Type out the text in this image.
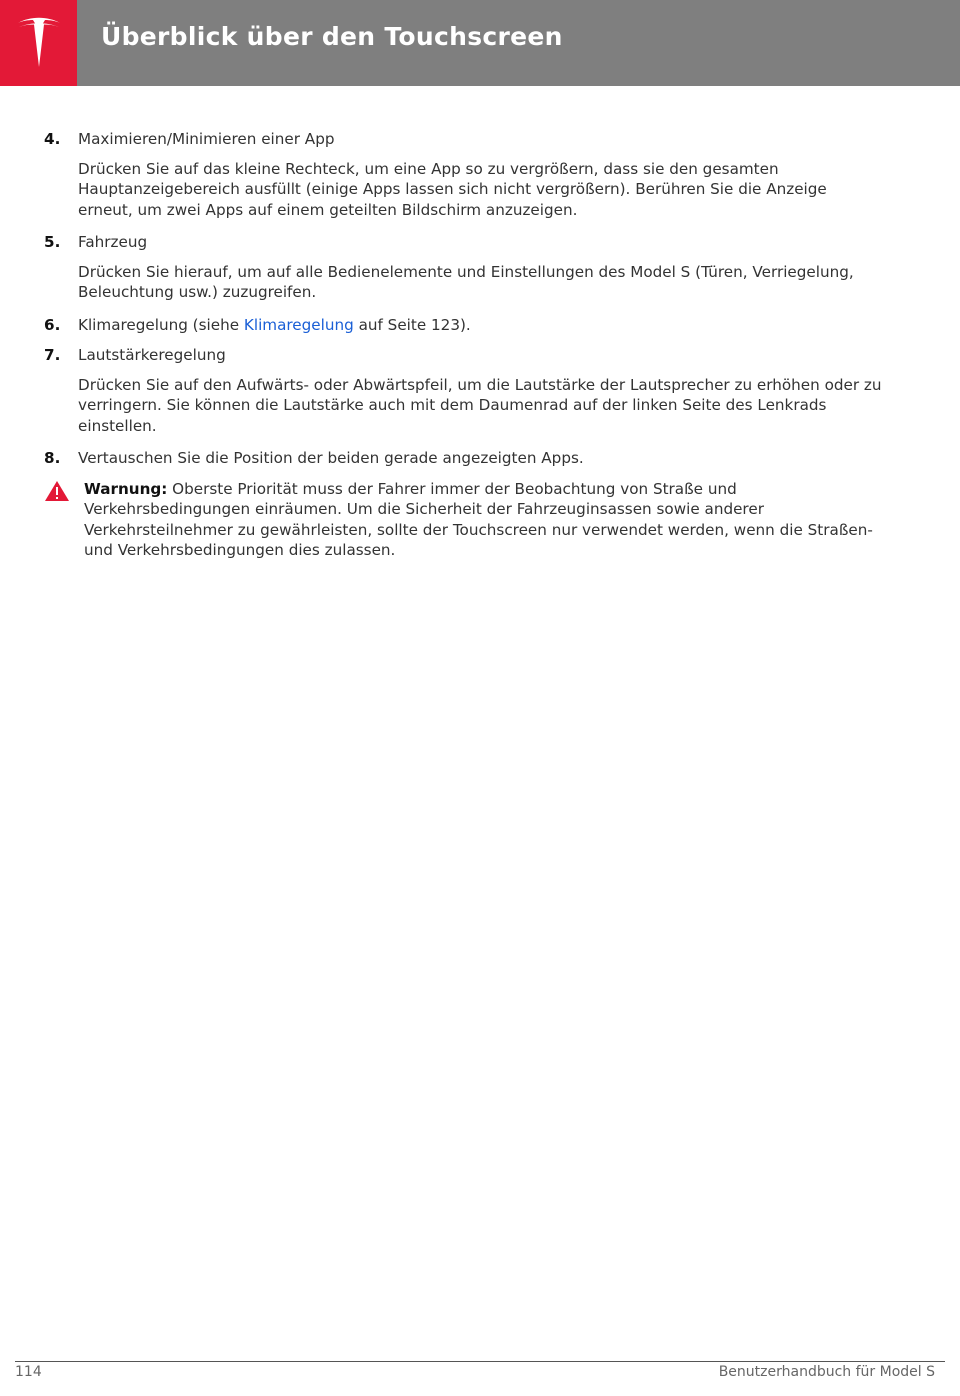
Überblick über den Touchscreen
4. Maximieren/Minimieren einer App
Drücken Sie auf das kleine Rechteck, um eine App so zu vergrößern, dass sie den gesamten Hauptanzeigebereich ausfüllt (einige Apps lassen sich nicht vergrößern). Berühren Sie die Anzeige erneut, um zwei Apps auf einem geteilten Bildschirm anzuzeigen.
5. Fahrzeug
Drücken Sie hierauf, um auf alle Bedienelemente und Einstellungen des Model S (Türen, Verriegelung, Beleuchtung usw.) zuzugreifen.
6. Klimaregelung (siehe Klimaregelung auf Seite 123).
7. Lautstärkeregelung
Drücken Sie auf den Aufwärts- oder Abwärtspfeil, um die Lautstärke der Lautsprecher zu erhöhen oder zu verringern. Sie können die Lautstärke auch mit dem Daumenrad auf der linken Seite des Lenkrads einstellen.
8. Vertauschen Sie die Position der beiden gerade angezeigten Apps.
Warnung: Oberste Priorität muss der Fahrer immer der Beobachtung von Straße und Verkehrsbedingungen einräumen. Um die Sicherheit der Fahrzeuginsassen sowie anderer Verkehrsteilnehmer zu gewährleisten, sollte der Touchscreen nur verwendet werden, wenn die Straßen- und Verkehrsbedingungen dies zulassen.
114	Benutzerhandbuch für Model S
